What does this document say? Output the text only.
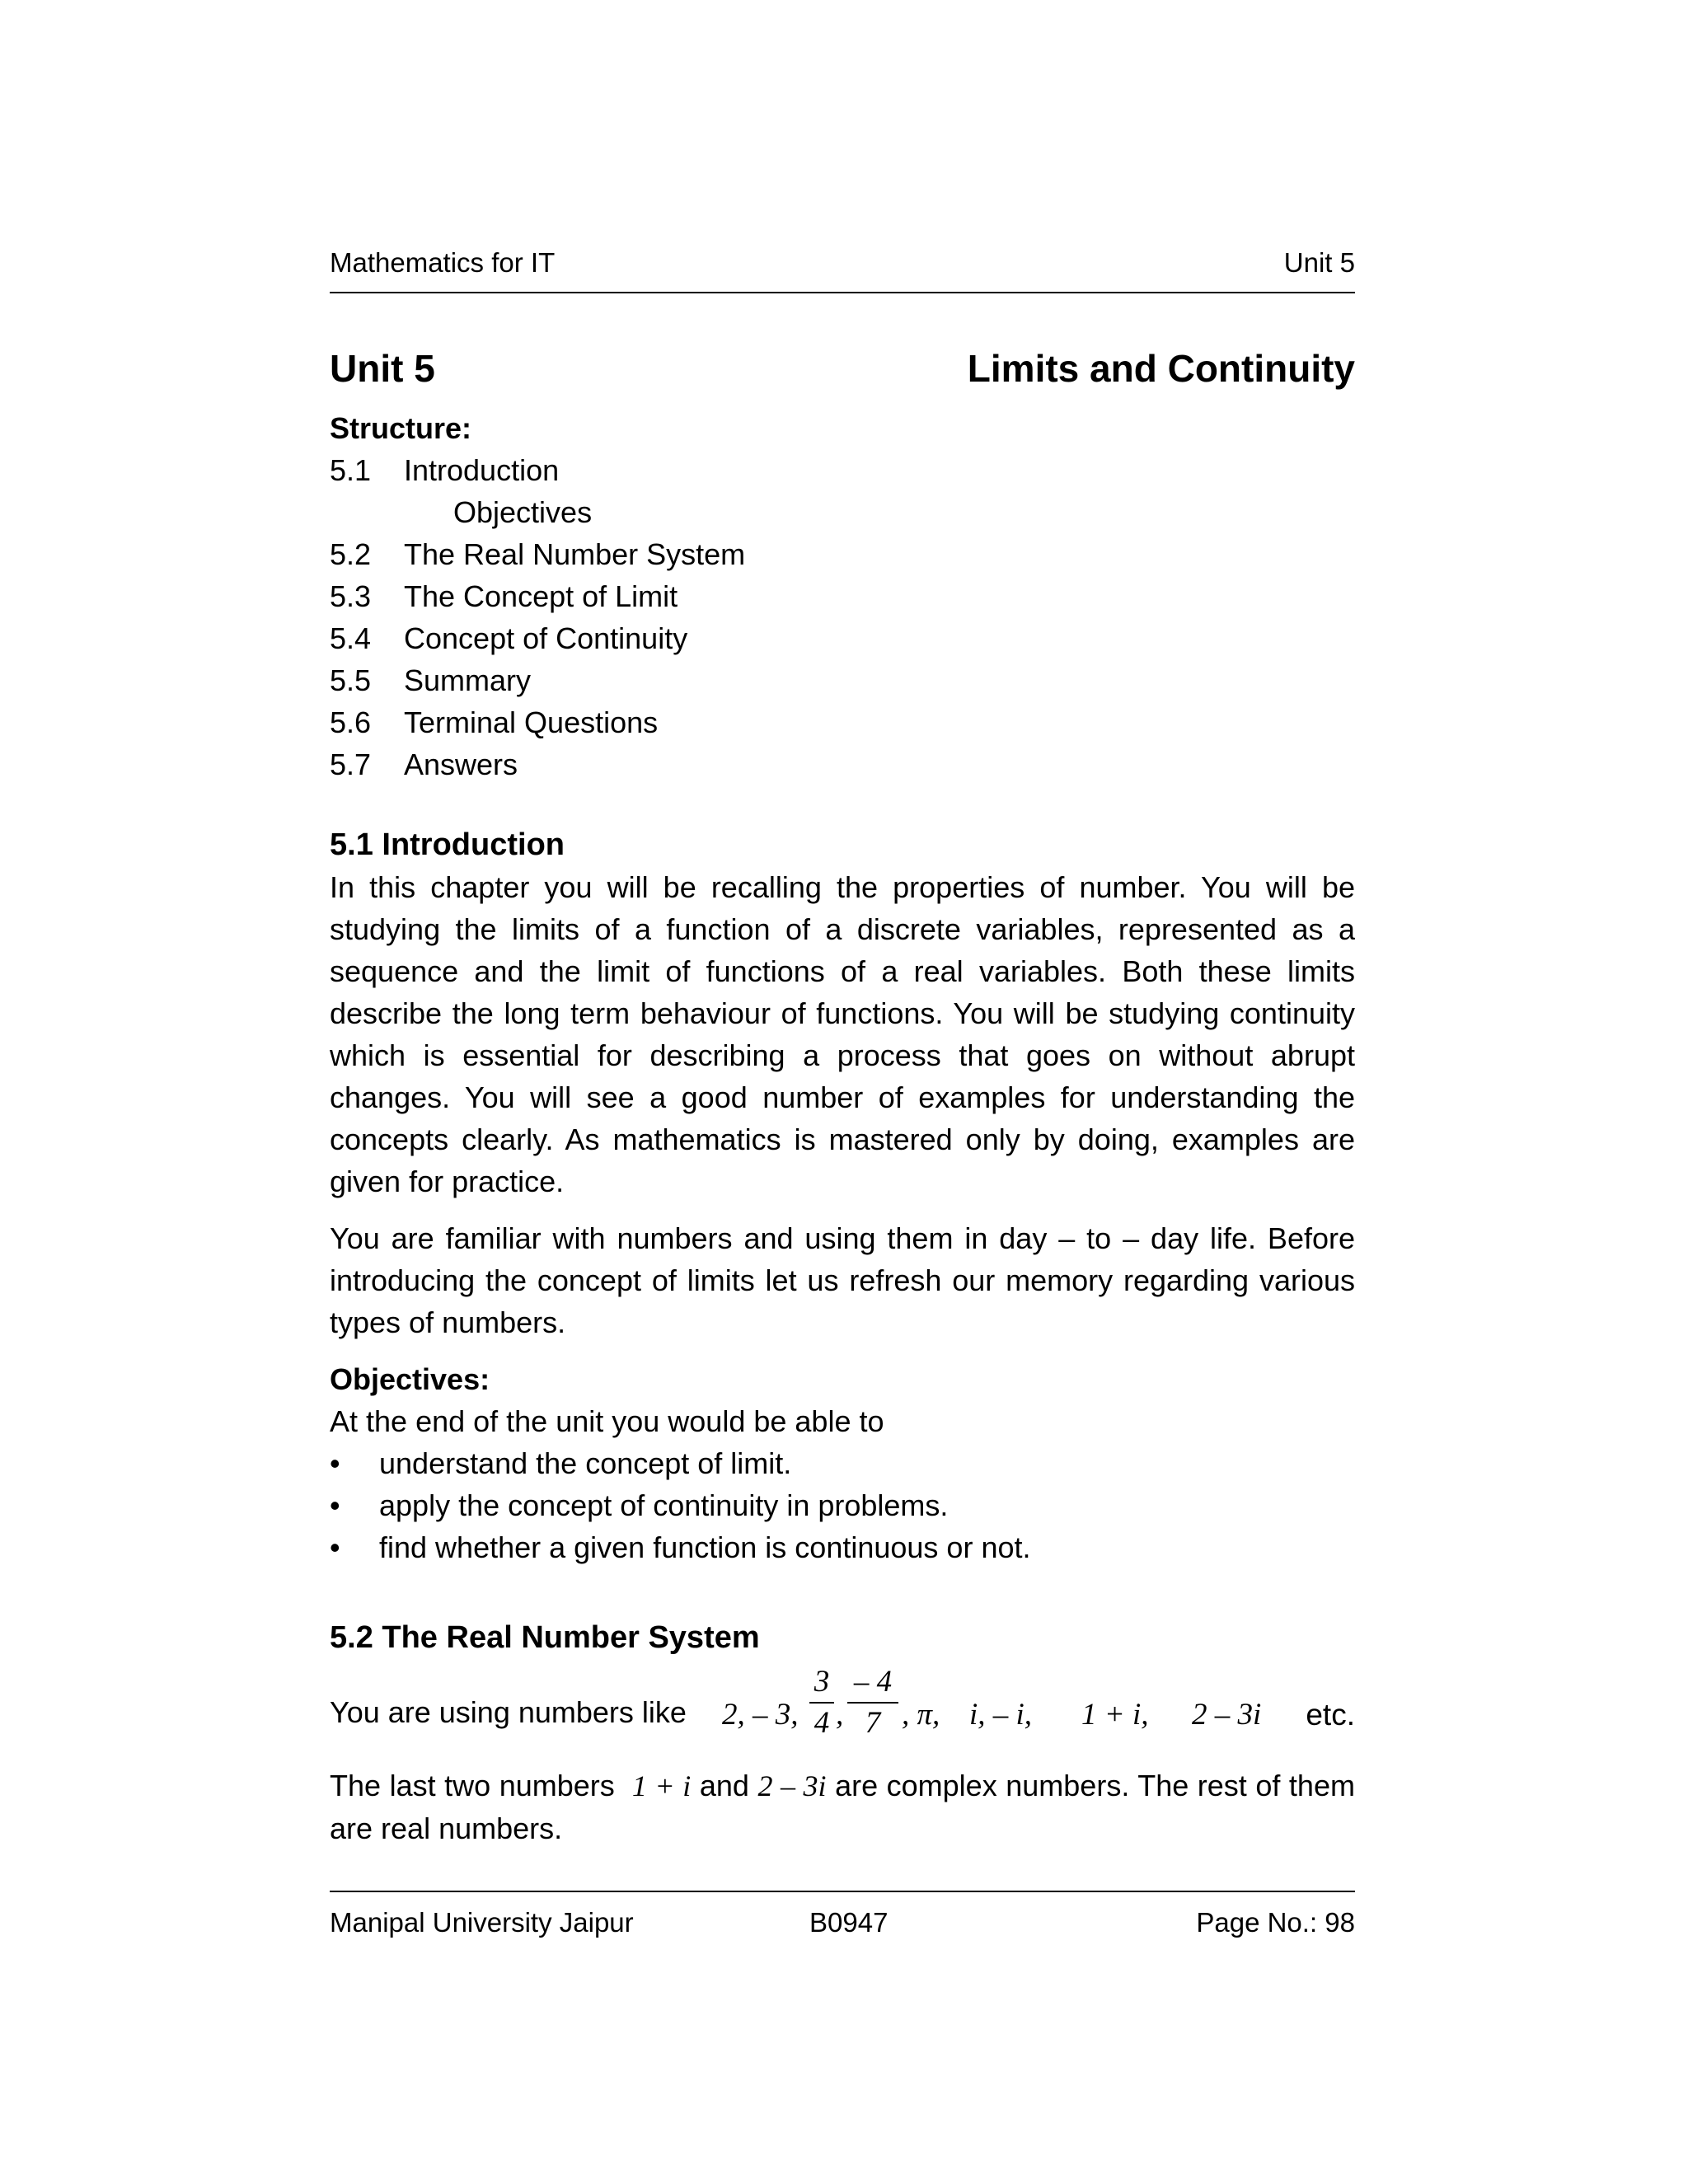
Mathematics for IT	Unit 5
Unit 5	Limits and Continuity
Structure:
5.1 Introduction
Objectives
5.2 The Real Number System
5.3 The Concept of Limit
5.4 Concept of Continuity
5.5 Summary
5.6 Terminal Questions
5.7 Answers
5.1 Introduction

In this chapter you will be recalling the properties of number. You will be studying the limits of a function of a discrete variables, represented as a sequence and the limit of functions of a real variables. Both these limits describe the long term behaviour of functions. You will be studying continuity which is essential for describing a process that goes on without abrupt changes. You will see a good number of examples for understanding the concepts clearly. As mathematics is mastered only by doing, examples are given for practice.

You are familiar with numbers and using them in day – to – day life. Before introducing the concept of limits let us refresh our memory regarding various types of numbers.

Objectives:
At the end of the unit you would be able to
• understand the concept of limit.
• apply the concept of continuity in problems.
• find whether a given function is continuous or not.
5.2 The Real Number System
You are using numbers like 2, – 3,
3
4 ,
– 4
7 , π, i, – i, 1 + i, 2 – 3i etc.

The last two numbers 1 + i and 2 – 3i are complex numbers. The rest of them are real numbers.

Manipal University Jaipur	B0947	Page No.: 98
